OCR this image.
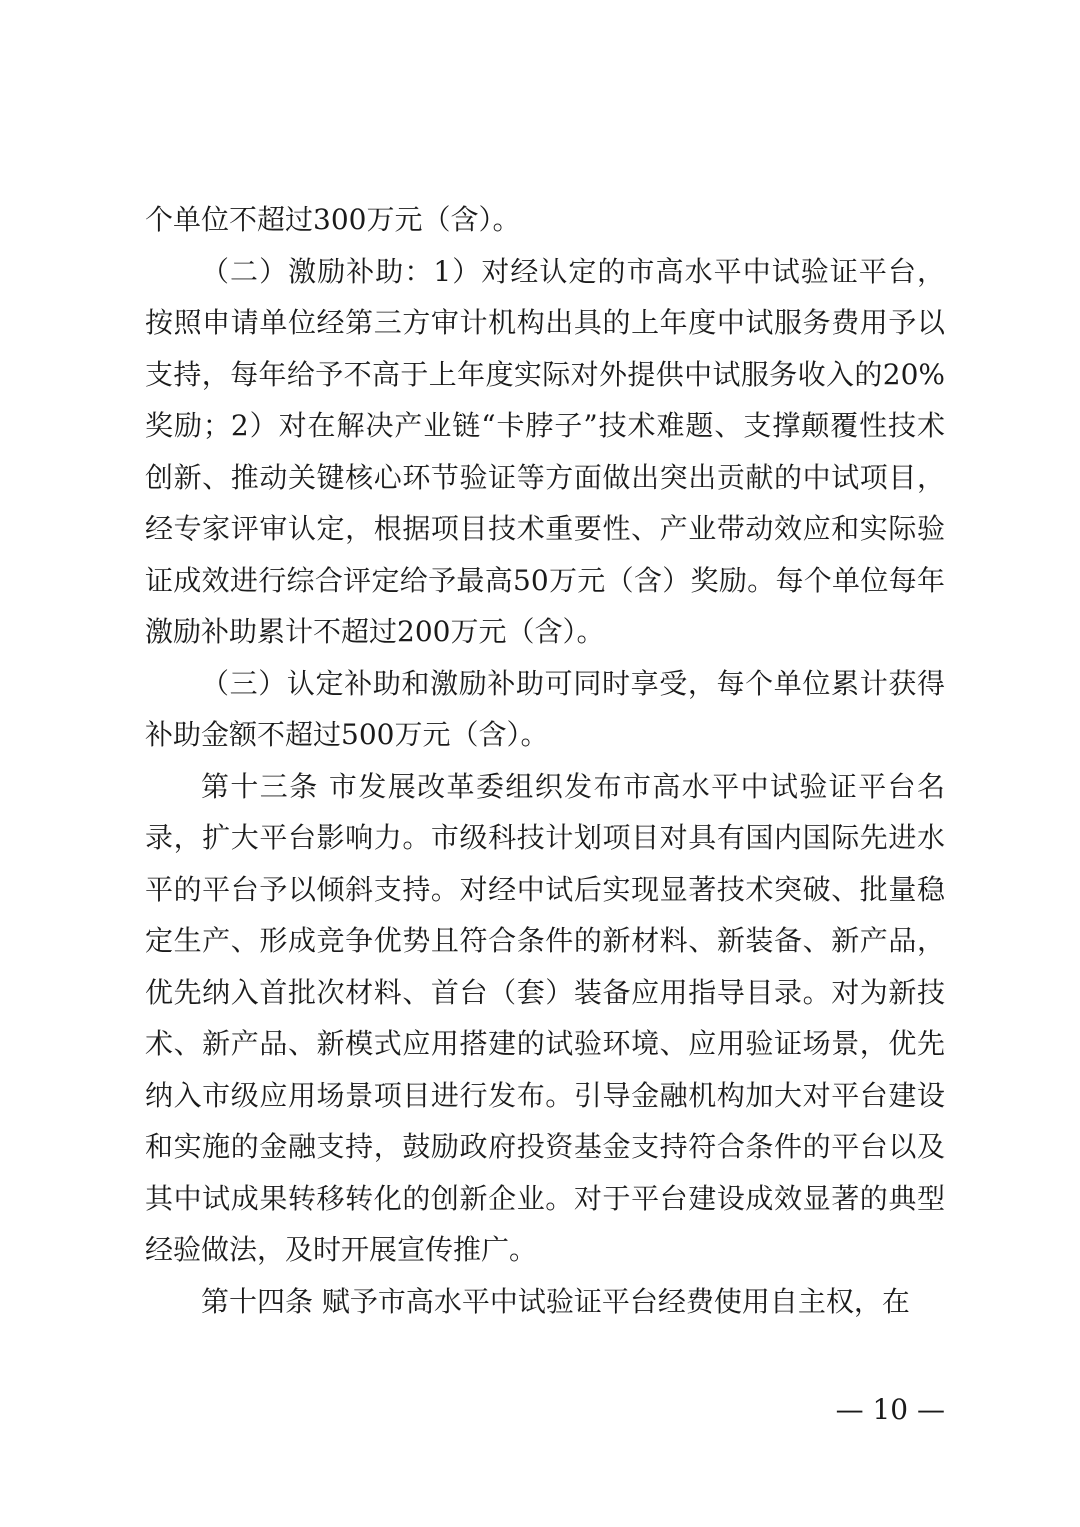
个单位不超过300万元（含）。

（二）激励补助：1）对经认定的市高水平中试验证平台，按照申请单位经第三方审计机构出具的上年度中试服务费用予以支持，每年给予不高于上年度实际对外提供中试服务收入的20%奖励；2）对在解决产业链“卡脖子”技术难题、支撑颠覆性技术创新、推动关键核心环节验证等方面做出突出贡献的中试项目，经专家评审认定，根据项目技术重要性、产业带动效应和实际验证成效进行综合评定给予最高50万元（含）奖励。每个单位每年激励补助累计不超过200万元（含）。

（三）认定补助和激励补助可同时享受，每个单位累计获得补助金额不超过500万元（含）。

第十三条 市发展改革委组织发布市高水平中试验证平台名录，扩大平台影响力。市级科技计划项目对具有国内国际先进水平的平台予以倾斜支持。对经中试后实现显著技术突破、批量稳定生产、形成竞争优势且符合条件的新材料、新装备、新产品，优先纳入首批次材料、首台（套）装备应用指导目录。对为新技术、新产品、新模式应用搭建的试验环境、应用验证场景，优先纳入市级应用场景项目进行发布。引导金融机构加大对平台建设和实施的金融支持，鼓励政府投资基金支持符合条件的平台以及其中试成果转移转化的创新企业。对于平台建设成效显著的典型经验做法，及时开展宣传推广。

第十四条 赋予市高水平中试验证平台经费使用自主权，在

— 10 —
